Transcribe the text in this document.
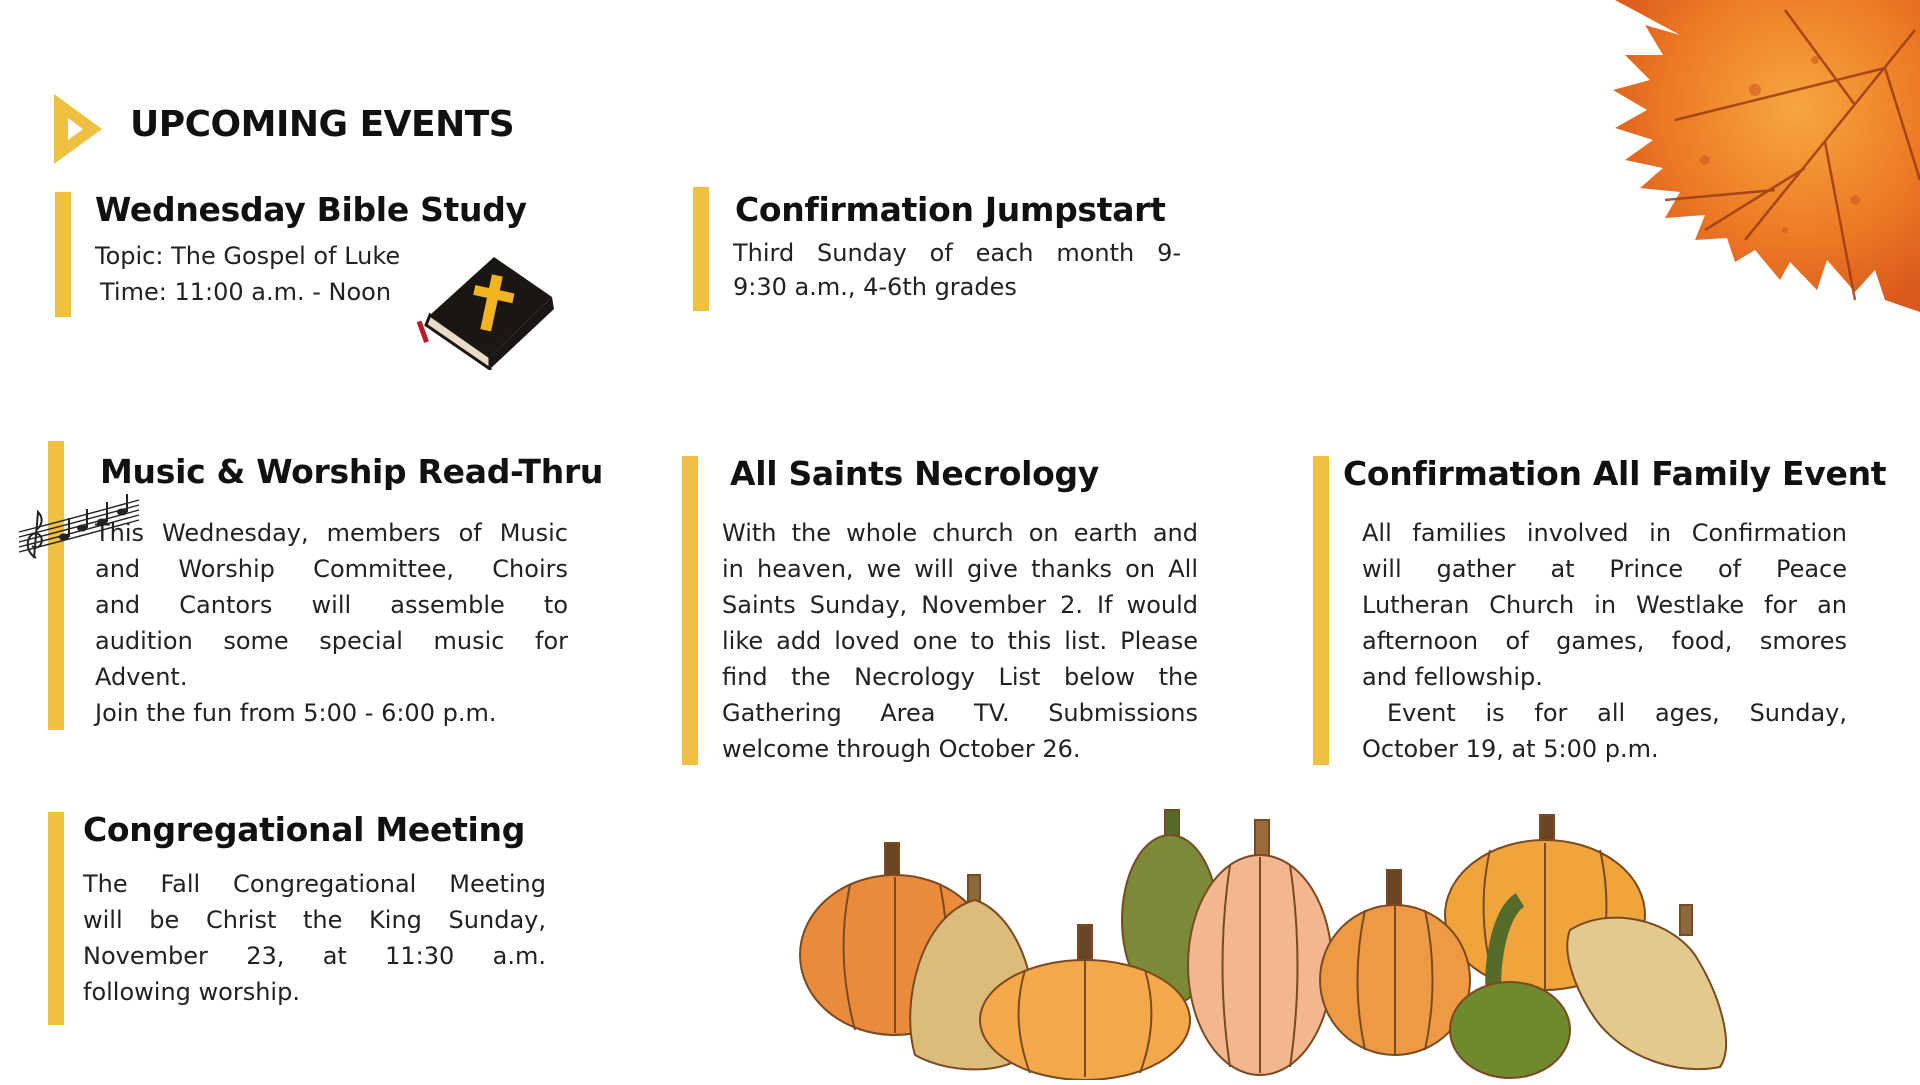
UPCOMING EVENTS
Wednesday Bible Study
Topic: The Gospel of Luke
Time: 11:00 a.m. - Noon
Confirmation Jumpstart
Third Sunday of each month 9-
9:30 a.m., 4-6th grades
Music & Worship Read-Thru
This Wednesday, members of Music
and Worship Committee, Choirs
and Cantors will assemble to
audition some special music for
Advent.
Join the fun from 5:00 - 6:00 p.m.
All Saints Necrology
With the whole church on earth and
in heaven, we will give thanks on All
Saints Sunday, November 2. If would
like add loved one to this list. Please
find the Necrology List below the
Gathering Area TV. Submissions
welcome through October 26.
Confirmation All Family Event
All families involved in Confirmation
will gather at Prince of Peace
Lutheran Church in Westlake for an
afternoon of games, food, smores
and fellowship.
Event is for all ages, Sunday,
October 19, at 5:00 p.m.
Congregational Meeting
The Fall Congregational Meeting
will be Christ the King Sunday,
November 23, at 11:30 a.m.
following worship.
